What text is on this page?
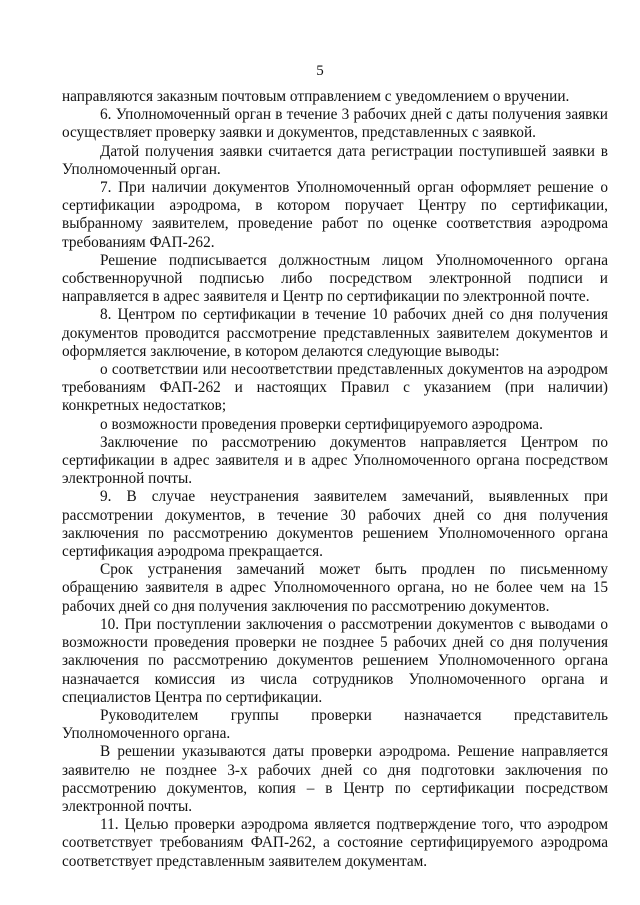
5

направляются заказным почтовым отправлением с уведомлением о вручении.

6. Уполномоченный орган в течение 3 рабочих дней с даты получения заявки осуществляет проверку заявки и документов, представленных с заявкой.

Датой получения заявки считается дата регистрации поступившей заявки в Уполномоченный орган.

7. При наличии документов Уполномоченный орган оформляет решение о сертификации аэродрома, в котором поручает Центру по сертификации, выбранному заявителем, проведение работ по оценке соответствия аэродрома требованиям ФАП-262.

Решение подписывается должностным лицом Уполномоченного органа собственноручной подписью либо посредством электронной подписи и направляется в адрес заявителя и Центр по сертификации по электронной почте.

8. Центром по сертификации в течение 10 рабочих дней со дня получения документов проводится рассмотрение представленных заявителем документов и оформляется заключение, в котором делаются следующие выводы:

о соответствии или несоответствии представленных документов на аэродром требованиям ФАП-262 и настоящих Правил с указанием (при наличии) конкретных недостатков;

о возможности проведения проверки сертифицируемого аэродрома.

Заключение по рассмотрению документов направляется Центром по сертификации в адрес заявителя и в адрес Уполномоченного органа посредством электронной почты.

9. В случае неустранения заявителем замечаний, выявленных при рассмотрении документов, в течение 30 рабочих дней со дня получения заключения по рассмотрению документов решением Уполномоченного органа сертификация аэродрома прекращается.

Срок устранения замечаний может быть продлен по письменному обращению заявителя в адрес Уполномоченного органа, но не более чем на 15 рабочих дней со дня получения заключения по рассмотрению документов.

10. При поступлении заключения о рассмотрении документов с выводами о возможности проведения проверки не позднее 5 рабочих дней со дня получения заключения по рассмотрению документов решением Уполномоченного органа назначается комиссия из числа сотрудников Уполномоченного органа и специалистов Центра по сертификации.

Руководителем группы проверки назначается представитель Уполномоченного органа.

В решении указываются даты проверки аэродрома. Решение направляется заявителю не позднее 3-х рабочих дней со дня подготовки заключения по рассмотрению документов, копия – в Центр по сертификации посредством электронной почты.

11. Целью проверки аэродрома является подтверждение того, что аэродром соответствует требованиям ФАП-262, а состояние сертифицируемого аэродрома соответствует представленным заявителем документам.
